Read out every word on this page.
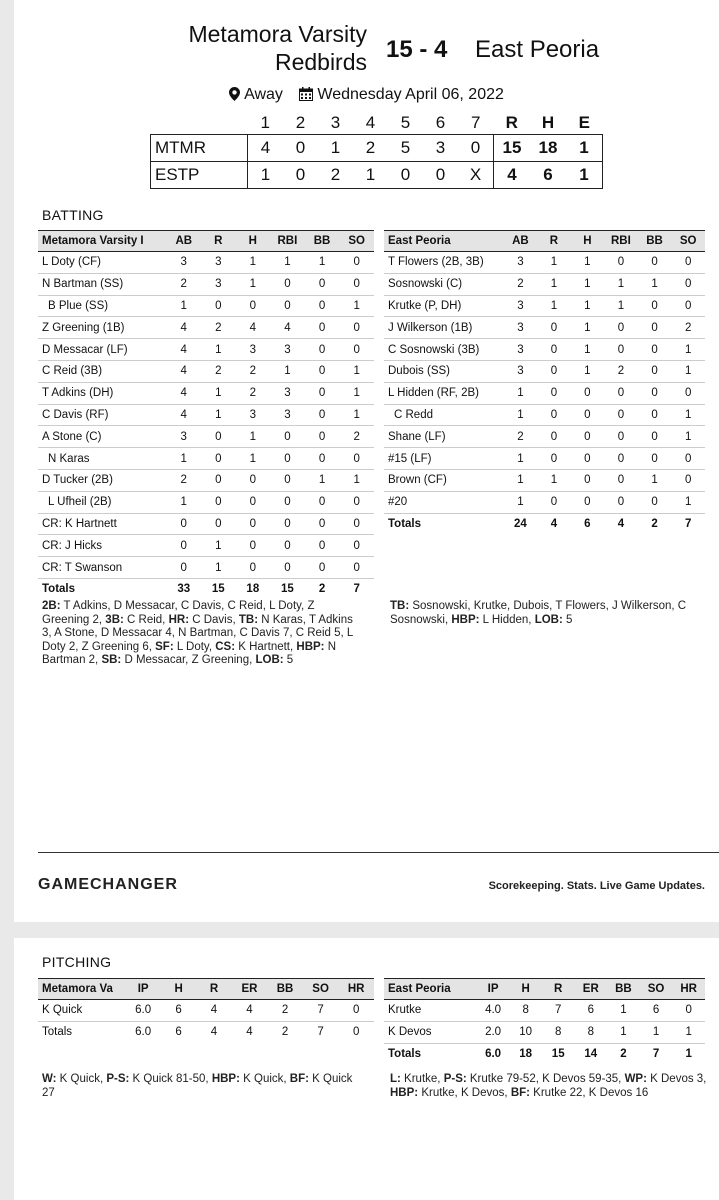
Metamora Varsity
Redbirds 15 - 4 East Peoria
Away Wednesday April 06, 2022
	1	2	3	4	5	6	7	R	H	E
MTMR	4	0	1	2	5	3	0	15	18	1
ESTP	1	0	2	1	0	0	X	4	6	1
BATTING
Metamora Varsity I	AB	R	H	RBI	BB	SO
L Doty (CF)	3	3	1	1	1	0
N Bartman (SS)	2	3	1	0	0	0
B Plue (SS)	1	0	0	0	0	1
Z Greening (1B)	4	2	4	4	0	0
D Messacar (LF)	4	1	3	3	0	0
C Reid (3B)	4	2	2	1	0	1
T Adkins (DH)	4	1	2	3	0	1
C Davis (RF)	4	1	3	3	0	1
A Stone (C)	3	0	1	0	0	2
N Karas	1	0	1	0	0	0
D Tucker (2B)	2	0	0	0	1	1
L Ufheil (2B)	1	0	0	0	0	0
CR: K Hartnett	0	0	0	0	0	0
CR: J Hicks	0	1	0	0	0	0
CR: T Swanson	0	1	0	0	0	0
Totals	33	15	18	15	2	7
East Peoria	AB	R	H	RBI	BB	SO
T Flowers (2B, 3B)	3	1	1	0	0	0
Sosnowski (C)	2	1	1	1	1	0
Krutke (P, DH)	3	1	1	1	0	0
J Wilkerson (1B)	3	0	1	0	0	2
C Sosnowski (3B)	3	0	1	0	0	1
Dubois (SS)	3	0	1	2	0	1
L Hidden (RF, 2B)	1	0	0	0	0	0
C Redd	1	0	0	0	0	1
Shane (LF)	2	0	0	0	0	1
#15 (LF)	1	0	0	0	0	0
Brown (CF)	1	1	0	0	1	0
#20	1	0	0	0	0	1
Totals	24	4	6	4	2	7
2B: T Adkins, D Messacar, C Davis, C Reid, L Doty, Z Greening 2, 3B: C Reid, HR: C Davis, TB: N Karas, T Adkins 3, A Stone, D Messacar 4, N Bartman, C Davis 7, C Reid 5, L Doty 2, Z Greening 6, SF: L Doty, CS: K Hartnett, HBP: N Bartman 2, SB: D Messacar, Z Greening, LOB: 5
TB: Sosnowski, Krutke, Dubois, T Flowers, J Wilkerson, C Sosnowski, HBP: L Hidden, LOB: 5
GAMECHANGER	Scorekeeping. Stats. Live Game Updates.
PITCHING
Metamora Va	IP	H	R	ER	BB	SO	HR
K Quick	6.0	6	4	4	2	7	0
Totals	6.0	6	4	4	2	7	0
East Peoria	IP	H	R	ER	BB	SO	HR
Krutke	4.0	8	7	6	1	6	0
K Devos	2.0	10	8	8	1	1	1
Totals	6.0	18	15	14	2	7	1
W: K Quick, P-S: K Quick 81-50, HBP: K Quick, BF: K Quick 27
L: Krutke, P-S: Krutke 79-52, K Devos 59-35, WP: K Devos 3, HBP: Krutke, K Devos, BF: Krutke 22, K Devos 16
